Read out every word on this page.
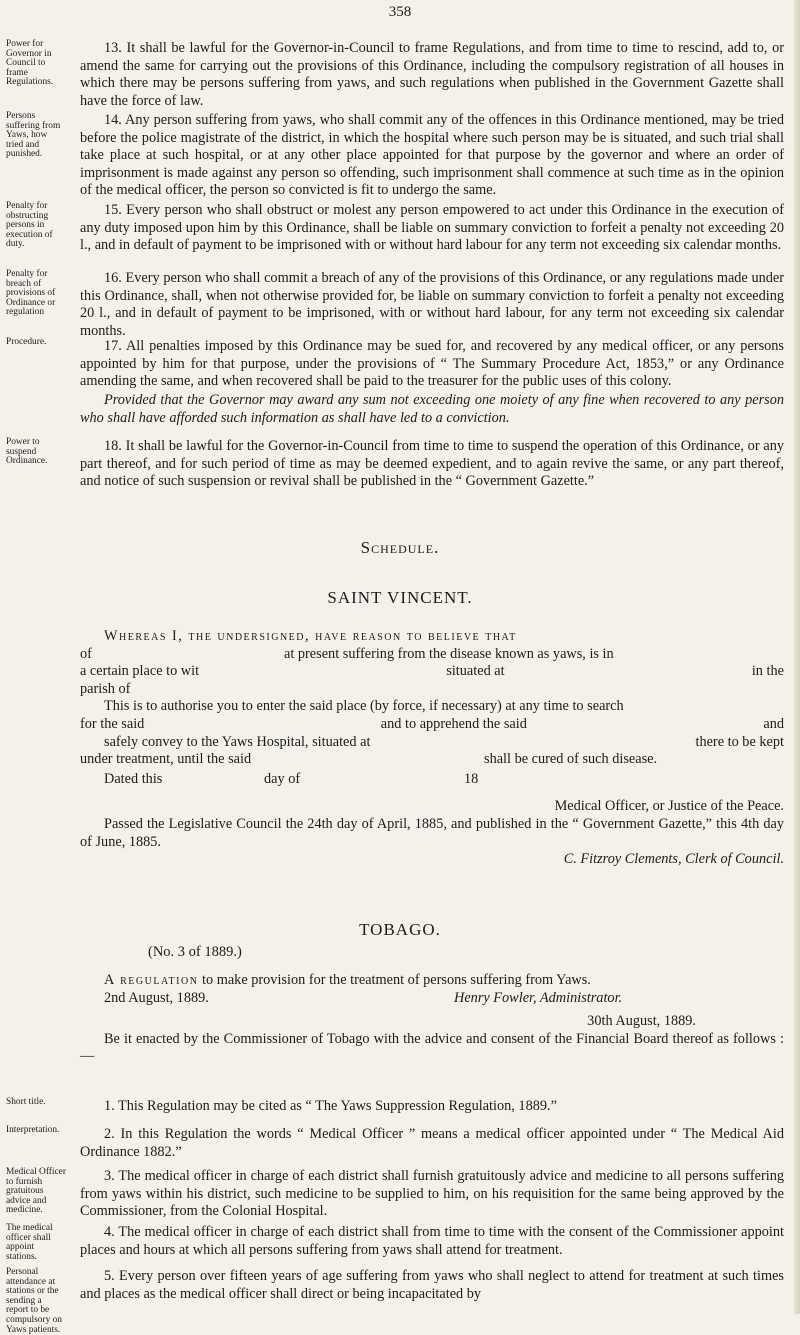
358
Power for Governor in Council to frame Regulations.

13. It shall be lawful for the Governor-in-Council to frame Regulations, and from time to time to rescind, add to, or amend the same for carrying out the provisions of this Ordinance, including the compulsory registration of all houses in which there may be persons suffering from yaws, and such regulations when published in the Government Gazette shall have the force of law.

Persons suffering from Yaws, how tried and punished.

14. Any person suffering from yaws, who shall commit any of the offences in this Ordinance mentioned, may be tried before the police magistrate of the district, in which the hospital where such person may be is situated, and such trial shall take place at such hospital, or at any other place appointed for that purpose by the governor and where an order of imprisonment is made against any person so offending, such imprisonment shall commence at such time as in the opinion of the medical officer, the person so convicted is fit to undergo the same.

Penalty for obstructing persons in execution of duty.

15. Every person who shall obstruct or molest any person empowered to act under this Ordinance in the execution of any duty imposed upon him by this Ordinance, shall be liable on summary conviction to forfeit a penalty not exceeding 20 l., and in default of payment to be imprisoned with or without hard labour for any term not exceeding six calendar months.

Penalty for breach of provisions of Ordinance or regulation

16. Every person who shall commit a breach of any of the provisions of this Ordinance, or any regulations made under this Ordinance, shall, when not otherwise provided for, be liable on summary conviction to forfeit a penalty not exceeding 20 l., and in default of payment to be imprisoned, with or without hard labour, for any term not exceeding six calendar months.

Procedure.	17. All penalties imposed by this Ordinance may be sued for, and recovered by any medical officer, or any persons appointed by him for that purpose, under the provisions of “ The Summary Procedure Act, 1853,” or any Ordinance amending the same, and when recovered shall be paid to the treasurer for the public uses of this colony.

Provided that the Governor may award any sum not exceeding one moiety of any fine when recovered to any person who shall have afforded such information as shall have led to a conviction.

Power to suspend Ordinance.

18. It shall be lawful for the Governor-in-Council from time to time to suspend the operation of this Ordinance, or any part thereof, and for such period of time as may be deemed expedient, and to again revive the same, or any part thereof, and notice of such suspension or revival shall be published in the “ Government Gazette.”

Schedule.
SAINT VINCENT.

Whereas I, the undersigned, have reason to believe that

of	at present suffering from the disease known as yaws, is in
a certain place to wit	situated at	in the

parish of

This is to authorise you to enter the said place (by force, if necessary) at any time to search

for the said	and to apprehend the said	and
safely convey to the Yaws Hospital, situated at	there to be kept
under treatment, until the said	shall be cured of such disease.
Dated this	day of	18

Medical Officer, or Justice of the Peace.

Passed the Legislative Council the 24th day of April, 1885, and published in the “ Government Gazette,” this 4th day of June, 1885.

C. Fitzroy Clements, Clerk of Council.

TOBAGO.
(No. 3 of 1889.)

A regulation to make provision for the treatment of persons suffering from Yaws.

2nd August, 1889.	Henry Fowler, Administrator.

30th August, 1889.

Be it enacted by the Commissioner of Tobago with the advice and consent of the Financial Board thereof as follows :—

Short title.	1. This Regulation may be cited as “ The Yaws Suppression Regulation, 1889.”

Interpretation.	2. In this Regulation the words “ Medical Officer ” means a medical officer appointed under “ The Medical Aid Ordinance 1882.”

Medical Officer to furnish gratuitous advice and medicine.

3. The medical officer in charge of each district shall furnish gratuitously advice and medicine to all persons suffering from yaws within his district, such medicine to be supplied to him, on his requisition for the same being approved by the Commissioner, from the Colonial Hospital.

The medical officer shall appoint stations.

4. The medical officer in charge of each district shall from time to time with the consent of the Commissioner appoint places and hours at which all persons suffering from yaws shall attend for treatment.

Personal attendance at stations or the sending a report to be compulsory on Yaws patients.

5. Every person over fifteen years of age suffering from yaws who shall neglect to attend for treatment at such times and places as the medical officer shall direct or being incapacitated by
